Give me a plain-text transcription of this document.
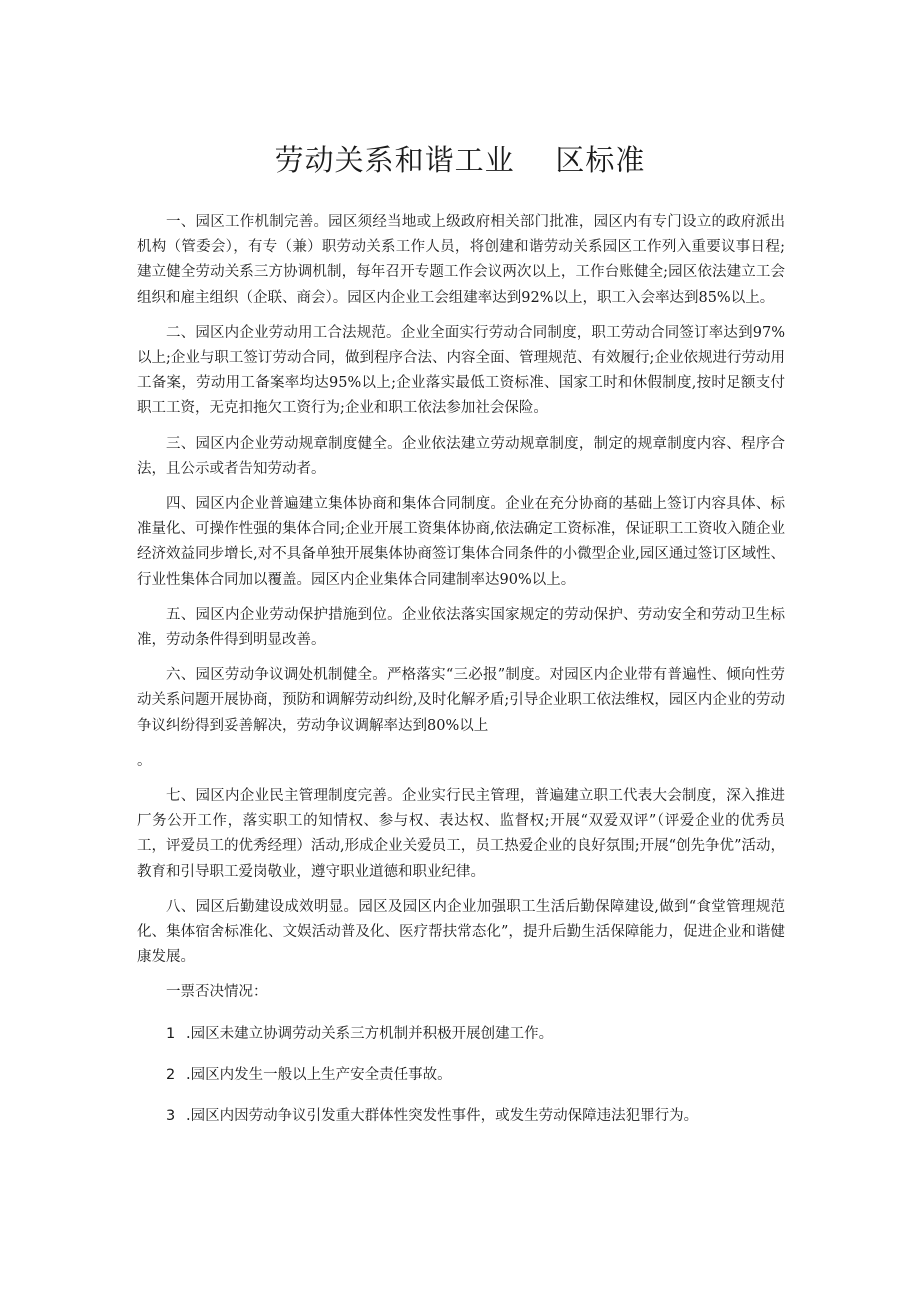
劳动关系和谐工业    区标准

一、园区工作机制完善。园区须经当地或上级政府相关部门批准，园区内有专门设立的政府派出机构（管委会），有专（兼）职劳动关系工作人员，将创建和谐劳动关系园区工作列入重要议事日程;建立健全劳动关系三方协调机制，每年召开专题工作会议两次以上，工作台账健全;园区依法建立工会组织和雇主组织（企联、商会）。园区内企业工会组建率达到92%以上，职工入会率达到85%以上。

二、园区内企业劳动用工合法规范。企业全面实行劳动合同制度，职工劳动合同签订率达到97%以上;企业与职工签订劳动合同，做到程序合法、内容全面、管理规范、有效履行;企业依规进行劳动用工备案，劳动用工备案率均达95%以上;企业落实最低工资标准、国家工时和休假制度,按时足额支付职工工资，无克扣拖欠工资行为;企业和职工依法参加社会保险。

三、园区内企业劳动规章制度健全。企业依法建立劳动规章制度，制定的规章制度内容、程序合法，且公示或者告知劳动者。

四、园区内企业普遍建立集体协商和集体合同制度。企业在充分协商的基础上签订内容具体、标准量化、可操作性强的集体合同;企业开展工资集体协商,依法确定工资标准，保证职工工资收入随企业经济效益同步增长,对不具备单独开展集体协商签订集体合同条件的小微型企业,园区通过签订区域性、行业性集体合同加以覆盖。园区内企业集体合同建制率达90%以上。

五、园区内企业劳动保护措施到位。企业依法落实国家规定的劳动保护、劳动安全和劳动卫生标准，劳动条件得到明显改善。

六、园区劳动争议调处机制健全。严格落实“三必报”制度。对园区内企业带有普遍性、倾向性劳动关系问题开展协商，预防和调解劳动纠纷,及时化解矛盾;引导企业职工依法维权，园区内企业的劳动争议纠纷得到妥善解决，劳动争议调解率达到80%以上

。

七、园区内企业民主管理制度完善。企业实行民主管理，普遍建立职工代表大会制度，深入推进厂务公开工作，落实职工的知情权、参与权、表达权、监督权;开展“双爱双评”（评爱企业的优秀员工，评爱员工的优秀经理）活动,形成企业关爱员工，员工热爱企业的良好氛围;开展“创先争优”活动，教育和引导职工爱岗敬业，遵守职业道德和职业纪律。

八、园区后勤建设成效明显。园区及园区内企业加强职工生活后勤保障建设,做到“食堂管理规范化、集体宿舍标准化、文娱活动普及化、医疗帮扶常态化”，提升后勤生活保障能力，促进企业和谐健康发展。

一票否决情况：

1 .园区未建立协调劳动关系三方机制并积极开展创建工作。
2 .园区内发生一般以上生产安全责任事故。
3 .园区内因劳动争议引发重大群体性突发性事件，或发生劳动保障违法犯罪行为。
